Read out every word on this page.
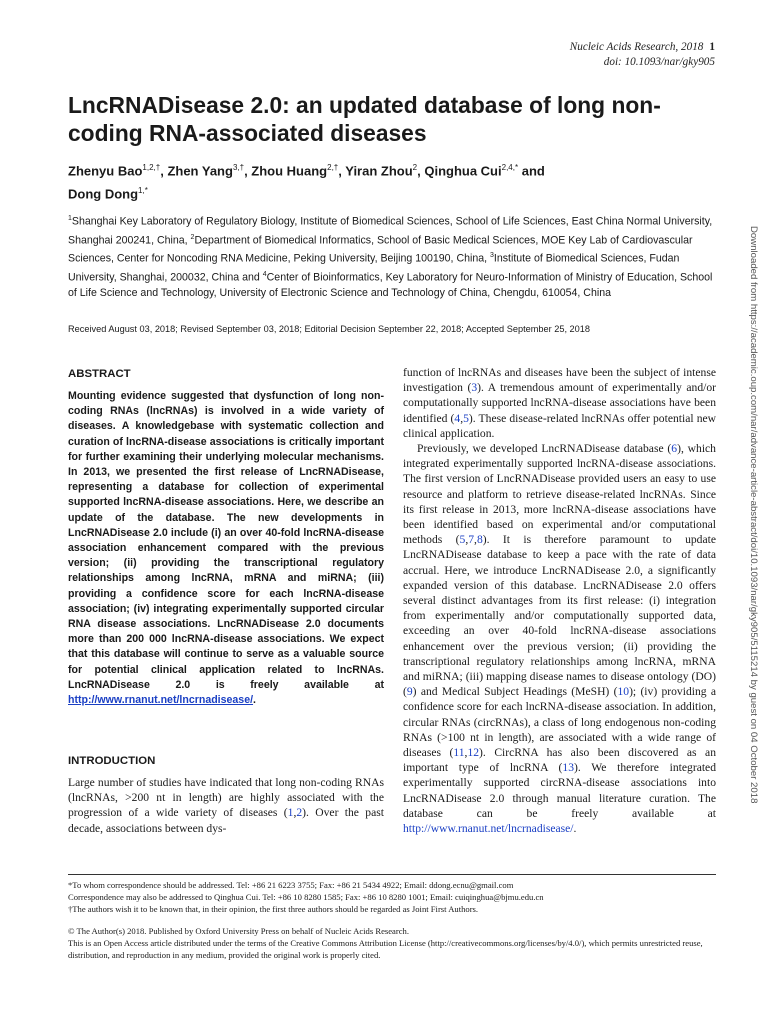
Nucleic Acids Research, 2018 1
doi: 10.1093/nar/gky905
LncRNADisease 2.0: an updated database of long non-coding RNA-associated diseases
Zhenyu Bao$^{1,2,\dagger}$, Zhen Yang$^{3,\dagger}$, Zhou Huang$^{2,\dagger}$, Yiran Zhou$^2$, Qinghua Cui$^{2,4,*}$ and
Dong Dong$^{1,*}$
$^1$Shanghai Key Laboratory of Regulatory Biology, Institute of Biomedical Sciences, School of Life Sciences, East China Normal University, Shanghai 200241, China, $^2$Department of Biomedical Informatics, School of Basic Medical Sciences, MOE Key Lab of Cardiovascular Sciences, Center for Noncoding RNA Medicine, Peking University, Beijing 100190, China, $^3$Institute of Biomedical Sciences, Fudan University, Shanghai, 200032, China and $^4$Center of Bioinformatics, Key Laboratory for Neuro-Information of Ministry of Education, School of Life Science and Technology, University of Electronic Science and Technology of China, Chengdu, 610054, China
Received August 03, 2018; Revised September 03, 2018; Editorial Decision September 22, 2018; Accepted September 25, 2018
ABSTRACT
Mounting evidence suggested that dysfunction of long non-coding RNAs (lncRNAs) is involved in a wide variety of diseases. A knowledgebase with systematic collection and curation of lncRNA-disease associations is critically important for further examining their underlying molecular mechanisms. In 2013, we presented the first release of LncRNADisease, representing a database for collection of experimental supported lncRNA-disease associations. Here, we describe an update of the database. The new developments in LncRNADisease 2.0 include (i) an over 40-fold lncRNA-disease association enhancement compared with the previous version; (ii) providing the transcriptional regulatory relationships among lncRNA, mRNA and miRNA; (iii) providing a confidence score for each lncRNA-disease association; (iv) integrating experimentally supported circular RNA disease associations. LncRNADisease 2.0 documents more than 200 000 lncRNA-disease associations. We expect that this database will continue to serve as a valuable source for potential clinical application related to lncRNAs. LncRNADisease 2.0 is freely available at http://www.rnanut.net/lncrnadisease/.
INTRODUCTION
Large number of studies have indicated that long non-coding RNAs (lncRNAs, >200 nt in length) are highly associated with the progression of a wide variety of diseases (1,2). Over the past decade, associations between dys-

function of lncRNAs and diseases have been the subject of intense investigation (3). A tremendous amount of experimentally and/or computationally supported lncRNA-disease associations have been identified (4,5). These disease-related lncRNAs offer potential new clinical application.

Previously, we developed LncRNADisease database (6), which integrated experimentally supported lncRNA-disease associations. The first version of LncRNADisease provided users an easy to use resource and platform to retrieve disease-related lncRNAs. Since its first release in 2013, more lncRNA-disease associations have been identified based on experimental and/or computational methods (5,7,8). It is therefore paramount to update LncRNADisease database to keep a pace with the rate of data accrual. Here, we introduce LncRNADisease 2.0, a significantly expanded version of this database. LncRNADisease 2.0 offers several distinct advantages from its first release: (i) integration from experimentally and/or computationally supported data, exceeding an over 40-fold lncRNA-disease associations enhancement over the previous version; (ii) providing the transcriptional regulatory relationships among lncRNA, mRNA and miRNA; (iii) mapping disease names to disease ontology (DO) (9) and Medical Subject Headings (MeSH) (10); (iv) providing a confidence score for each lncRNA-disease association. In addition, circular RNAs (circRNAs), a class of long endogenous non-coding RNAs (>100 nt in length), are associated with a wide range of diseases (11,12). CircRNA has also been discovered as an important type of lncRNA (13). We therefore integrated experimentally supported circRNA-disease associations into LncRNADisease 2.0 through manual literature curation. The database can be freely available at http://www.rnanut.net/lncrnadisease/.

*To whom correspondence should be addressed. Tel: +86 21 6223 3755; Fax: +86 21 5434 4922; Email: ddong.ecnu@gmail.com
Correspondence may also be addressed to Qinghua Cui. Tel: +86 10 8280 1585; Fax: +86 10 8280 1001; Email: cuiqinghua@bjmu.edu.cn
†The authors wish it to be known that, in their opinion, the first three authors should be regarded as Joint First Authors.
© The Author(s) 2018. Published by Oxford University Press on behalf of Nucleic Acids Research.
This is an Open Access article distributed under the terms of the Creative Commons Attribution License (http://creativecommons.org/licenses/by/4.0/), which permits unrestricted reuse, distribution, and reproduction in any medium, provided the original work is properly cited.
Downloaded from https://academic.oup.com/nar/advance-article-abstract/doi/10.1093/nar/gky905/5115214 by guest on 04 October 2018
